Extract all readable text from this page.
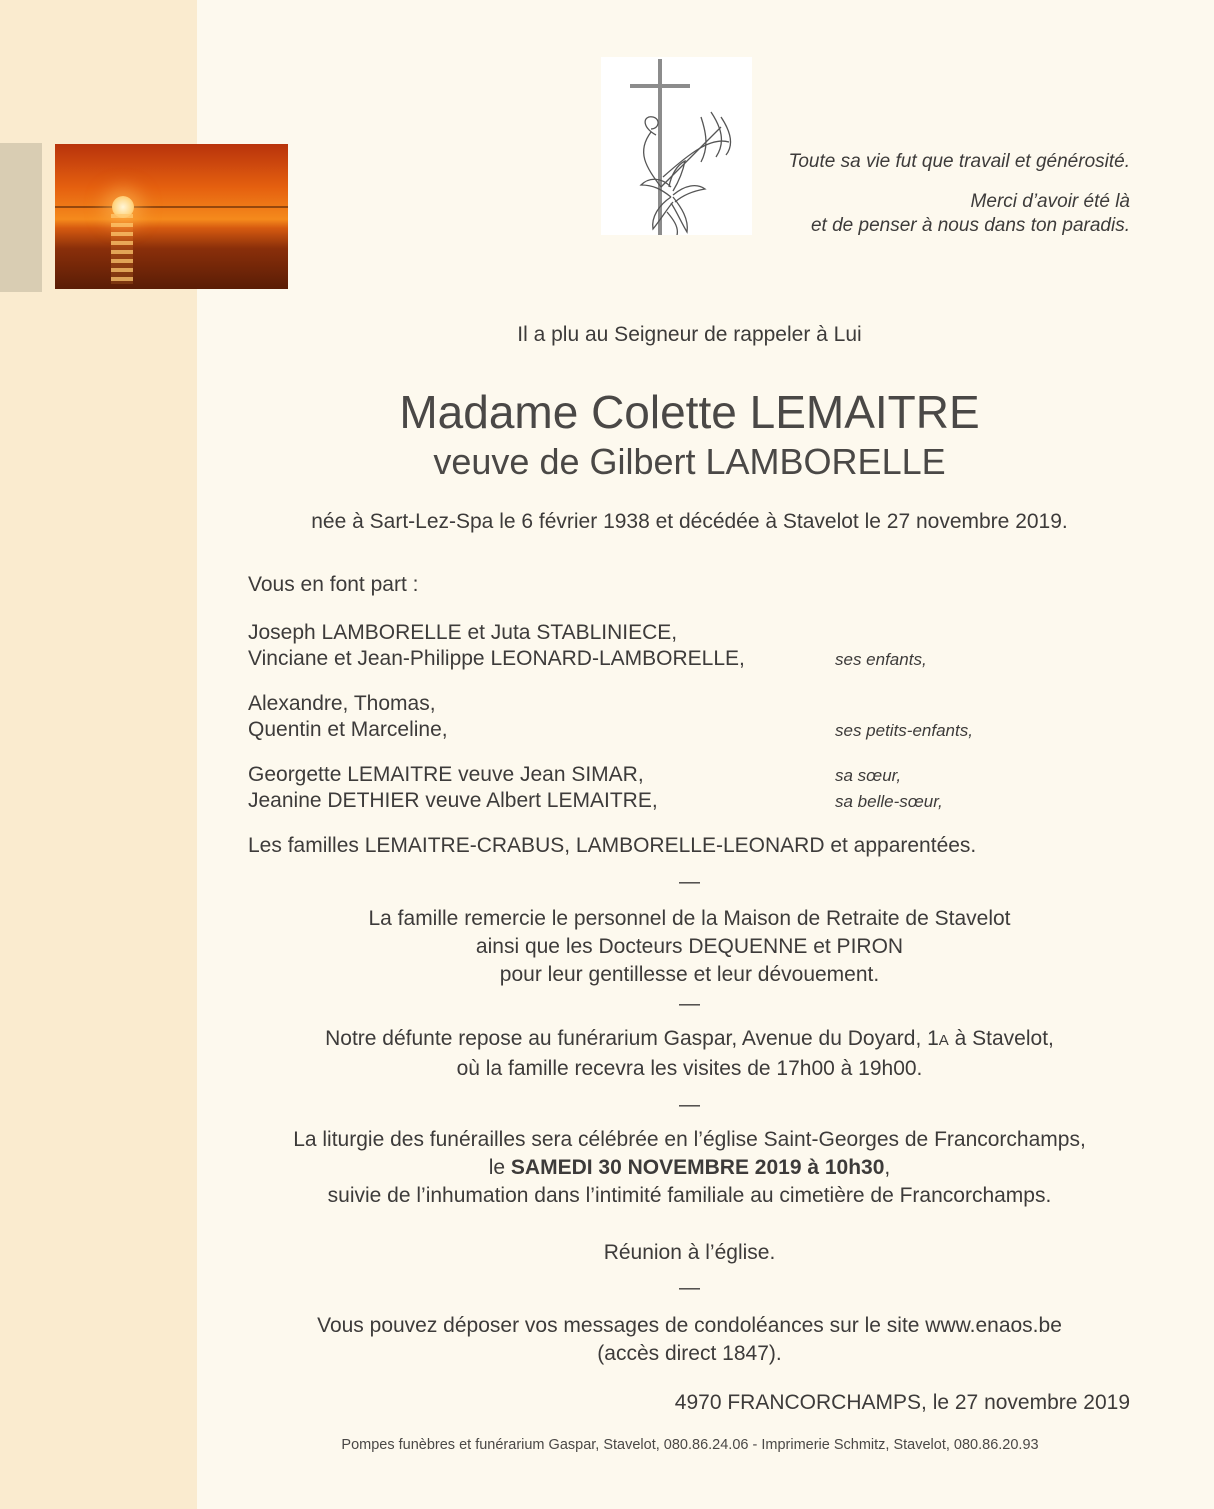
Toute sa vie fut que travail et générosité.

Merci d’avoir été là
et de penser à nous dans ton paradis.

Il a plu au Seigneur de rappeler à Lui
Madame Colette LEMAITRE
veuve de Gilbert LAMBORELLE
née à Sart-Lez-Spa le 6 février 1938 et décédée à Stavelot le 27 novembre 2019.
Vous en font part :
Joseph LAMBORELLE et Juta STABLINIECE,
Vinciane et Jean-Philippe LEONARD-LAMBORELLE,	ses enfants,
Alexandre, Thomas,
Quentin et Marceline,	ses petits-enfants,
Georgette LEMAITRE veuve Jean SIMAR,	sa sœur,
Jeanine DETHIER veuve Albert LEMAITRE,	sa belle-sœur,
Les familles LEMAITRE-CRABUS, LAMBORELLE-LEONARD et apparentées.
—

La famille remercie le personnel de la Maison de Retraite de Stavelot

ainsi que les Docteurs DEQUENNE et PIRON

pour leur gentillesse et leur dévouement.

—

Notre défunte repose au funérarium Gaspar, Avenue du Doyard, 1A à Stavelot,

où la famille recevra les visites de 17h00 à 19h00.

—

La liturgie des funérailles sera célébrée en l’église Saint-Georges de Francorchamps,

le SAMEDI 30 NOVEMBRE 2019 à 10h30,

suivie de l’inhumation dans l’intimité familiale au cimetière de Francorchamps.

Réunion à l’église.
—

Vous pouvez déposer vos messages de condoléances sur le site www.enaos.be

(accès direct 1847).

4970 FRANCORCHAMPS, le 27 novembre 2019
Pompes funèbres et funérarium Gaspar, Stavelot, 080.86.24.06 - Imprimerie Schmitz, Stavelot, 080.86.20.93
